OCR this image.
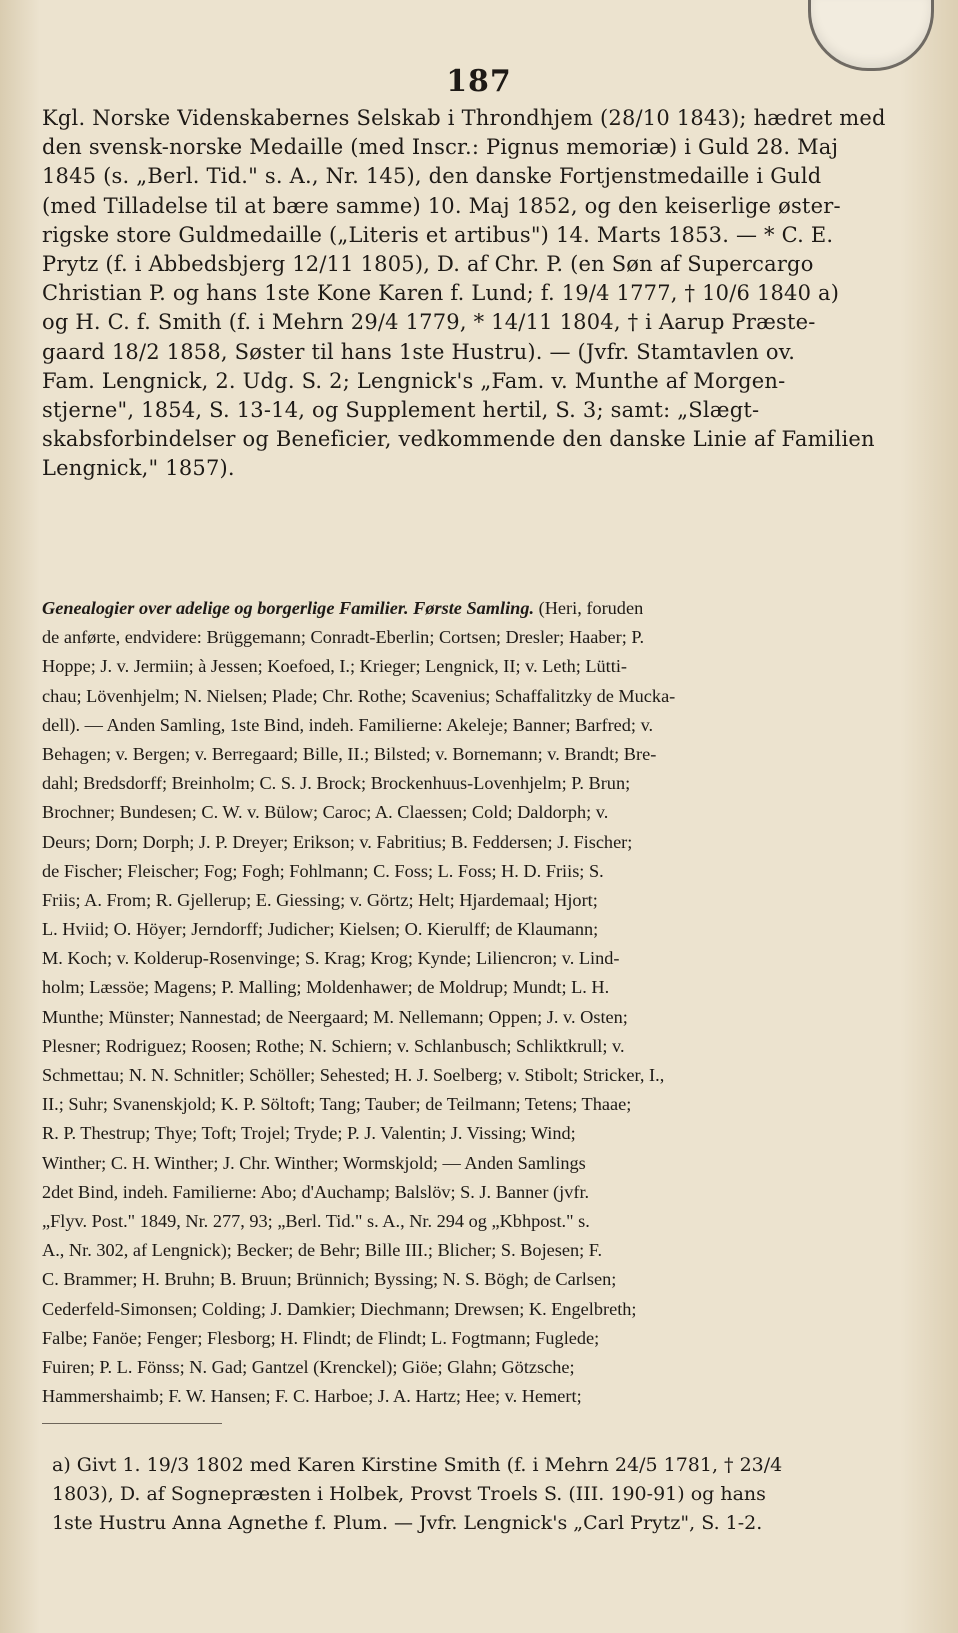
187
Kgl. Norske Videnskabernes Selskab i Throndhjem (28/10 1843); hædret med
den svensk-norske Medaille (med Inscr.: Pignus memoriæ) i Guld 28. Maj
1845 (s. „Berl. Tid." s. A., Nr. 145), den danske Fortjenstmedaille i Guld
(med Tilladelse til at bære samme) 10. Maj 1852, og den keiserlige øster-
rigske store Guldmedaille („Literis et artibus") 14. Marts 1853. — * C. E.
Prytz (f. i Abbedsbjerg 12/11 1805), D. af Chr. P. (en Søn af Supercargo
Christian P. og hans 1ste Kone Karen f. Lund; f. 19/4 1777, † 10/6 1840 a)
og H. C. f. Smith (f. i Mehrn 29/4 1779, * 14/11 1804, † i Aarup Præste-
gaard 18/2 1858, Søster til hans 1ste Hustru). — (Jvfr. Stamtavlen ov.
Fam. Lengnick, 2. Udg. S. 2; Lengnick's „Fam. v. Munthe af Morgen-
stjerne", 1854, S. 13-14, og Supplement hertil, S. 3; samt: „Slægt-
skabsforbindelser og Beneficier, vedkommende den danske Linie af Familien
Lengnick," 1857).
Genealogier over adelige og borgerlige Familier. Første Samling. (Heri, foruden
de anførte, endvidere: Brüggemann; Conradt-Eberlin; Cortsen; Dresler; Haaber; P.
Hoppe; J. v. Jermiin; à Jessen; Koefoed, I.; Krieger; Lengnick, II; v. Leth; Lütti-
chau; Lövenhjelm; N. Nielsen; Plade; Chr. Rothe; Scavenius; Schaffalitzky de Mucka-
dell). — Anden Samling, 1ste Bind, indeh. Familierne: Akeleje; Banner; Barfred; v.
Behagen; v. Bergen; v. Berregaard; Bille, II.; Bilsted; v. Bornemann; v. Brandt; Bre-
dahl; Bredsdorff; Breinholm; C. S. J. Brock; Brockenhuus-Lovenhjelm; P. Brun;
Brochner; Bundesen; C. W. v. Bülow; Caroc; A. Claessen; Cold; Daldorph; v.
Deurs; Dorn; Dorph; J. P. Dreyer; Erikson; v. Fabritius; B. Feddersen; J. Fischer;
de Fischer; Fleischer; Fog; Fogh; Fohlmann; C. Foss; L. Foss; H. D. Friis; S.
Friis; A. From; R. Gjellerup; E. Giessing; v. Görtz; Helt; Hjardemaal; Hjort;
L. Hviid; O. Höyer; Jerndorff; Judicher; Kielsen; O. Kierulff; de Klaumann;
M. Koch; v. Kolderup-Rosenvinge; S. Krag; Krog; Kynde; Liliencron; v. Lind-
holm; Læssöe; Magens; P. Malling; Moldenhawer; de Moldrup; Mundt; L. H.
Munthe; Münster; Nannestad; de Neergaard; M. Nellemann; Oppen; J. v. Osten;
Plesner; Rodriguez; Roosen; Rothe; N. Schiern; v. Schlanbusch; Schliktkrull; v.
Schmettau; N. N. Schnitler; Schöller; Sehested; H. J. Soelberg; v. Stibolt; Stricker, I.,
II.; Suhr; Svanenskjold; K. P. Söltoft; Tang; Tauber; de Teilmann; Tetens; Thaae;
R. P. Thestrup; Thye; Toft; Trojel; Tryde; P. J. Valentin; J. Vissing; Wind;
Winther; C. H. Winther; J. Chr. Winther; Wormskjold; — Anden Samlings
2det Bind, indeh. Familierne: Abo; d'Auchamp; Balslöv; S. J. Banner (jvfr.
„Flyv. Post." 1849, Nr. 277, 93; „Berl. Tid." s. A., Nr. 294 og „Kbhpost." s.
A., Nr. 302, af Lengnick); Becker; de Behr; Bille III.; Blicher; S. Bojesen; F.
C. Brammer; H. Bruhn; B. Bruun; Brünnich; Byssing; N. S. Bögh; de Carlsen;
Cederfeld-Simonsen; Colding; J. Damkier; Diechmann; Drewsen; K. Engelbreth;
Falbe; Fanöe; Fenger; Flesborg; H. Flindt; de Flindt; L. Fogtmann; Fuglede;
Fuiren; P. L. Fönss; N. Gad; Gantzel (Krenckel); Giöe; Glahn; Götzsche;
Hammershaimb; F. W. Hansen; F. C. Harboe; J. A. Hartz; Hee; v. Hemert;
a) Givt 1. 19/3 1802 med Karen Kirstine Smith (f. i Mehrn 24/5 1781, † 23/4
1803), D. af Sognepræsten i Holbek, Provst Troels S. (III. 190-91) og hans
1ste Hustru Anna Agnethe f. Plum. — Jvfr. Lengnick's „Carl Prytz", S. 1-2.
